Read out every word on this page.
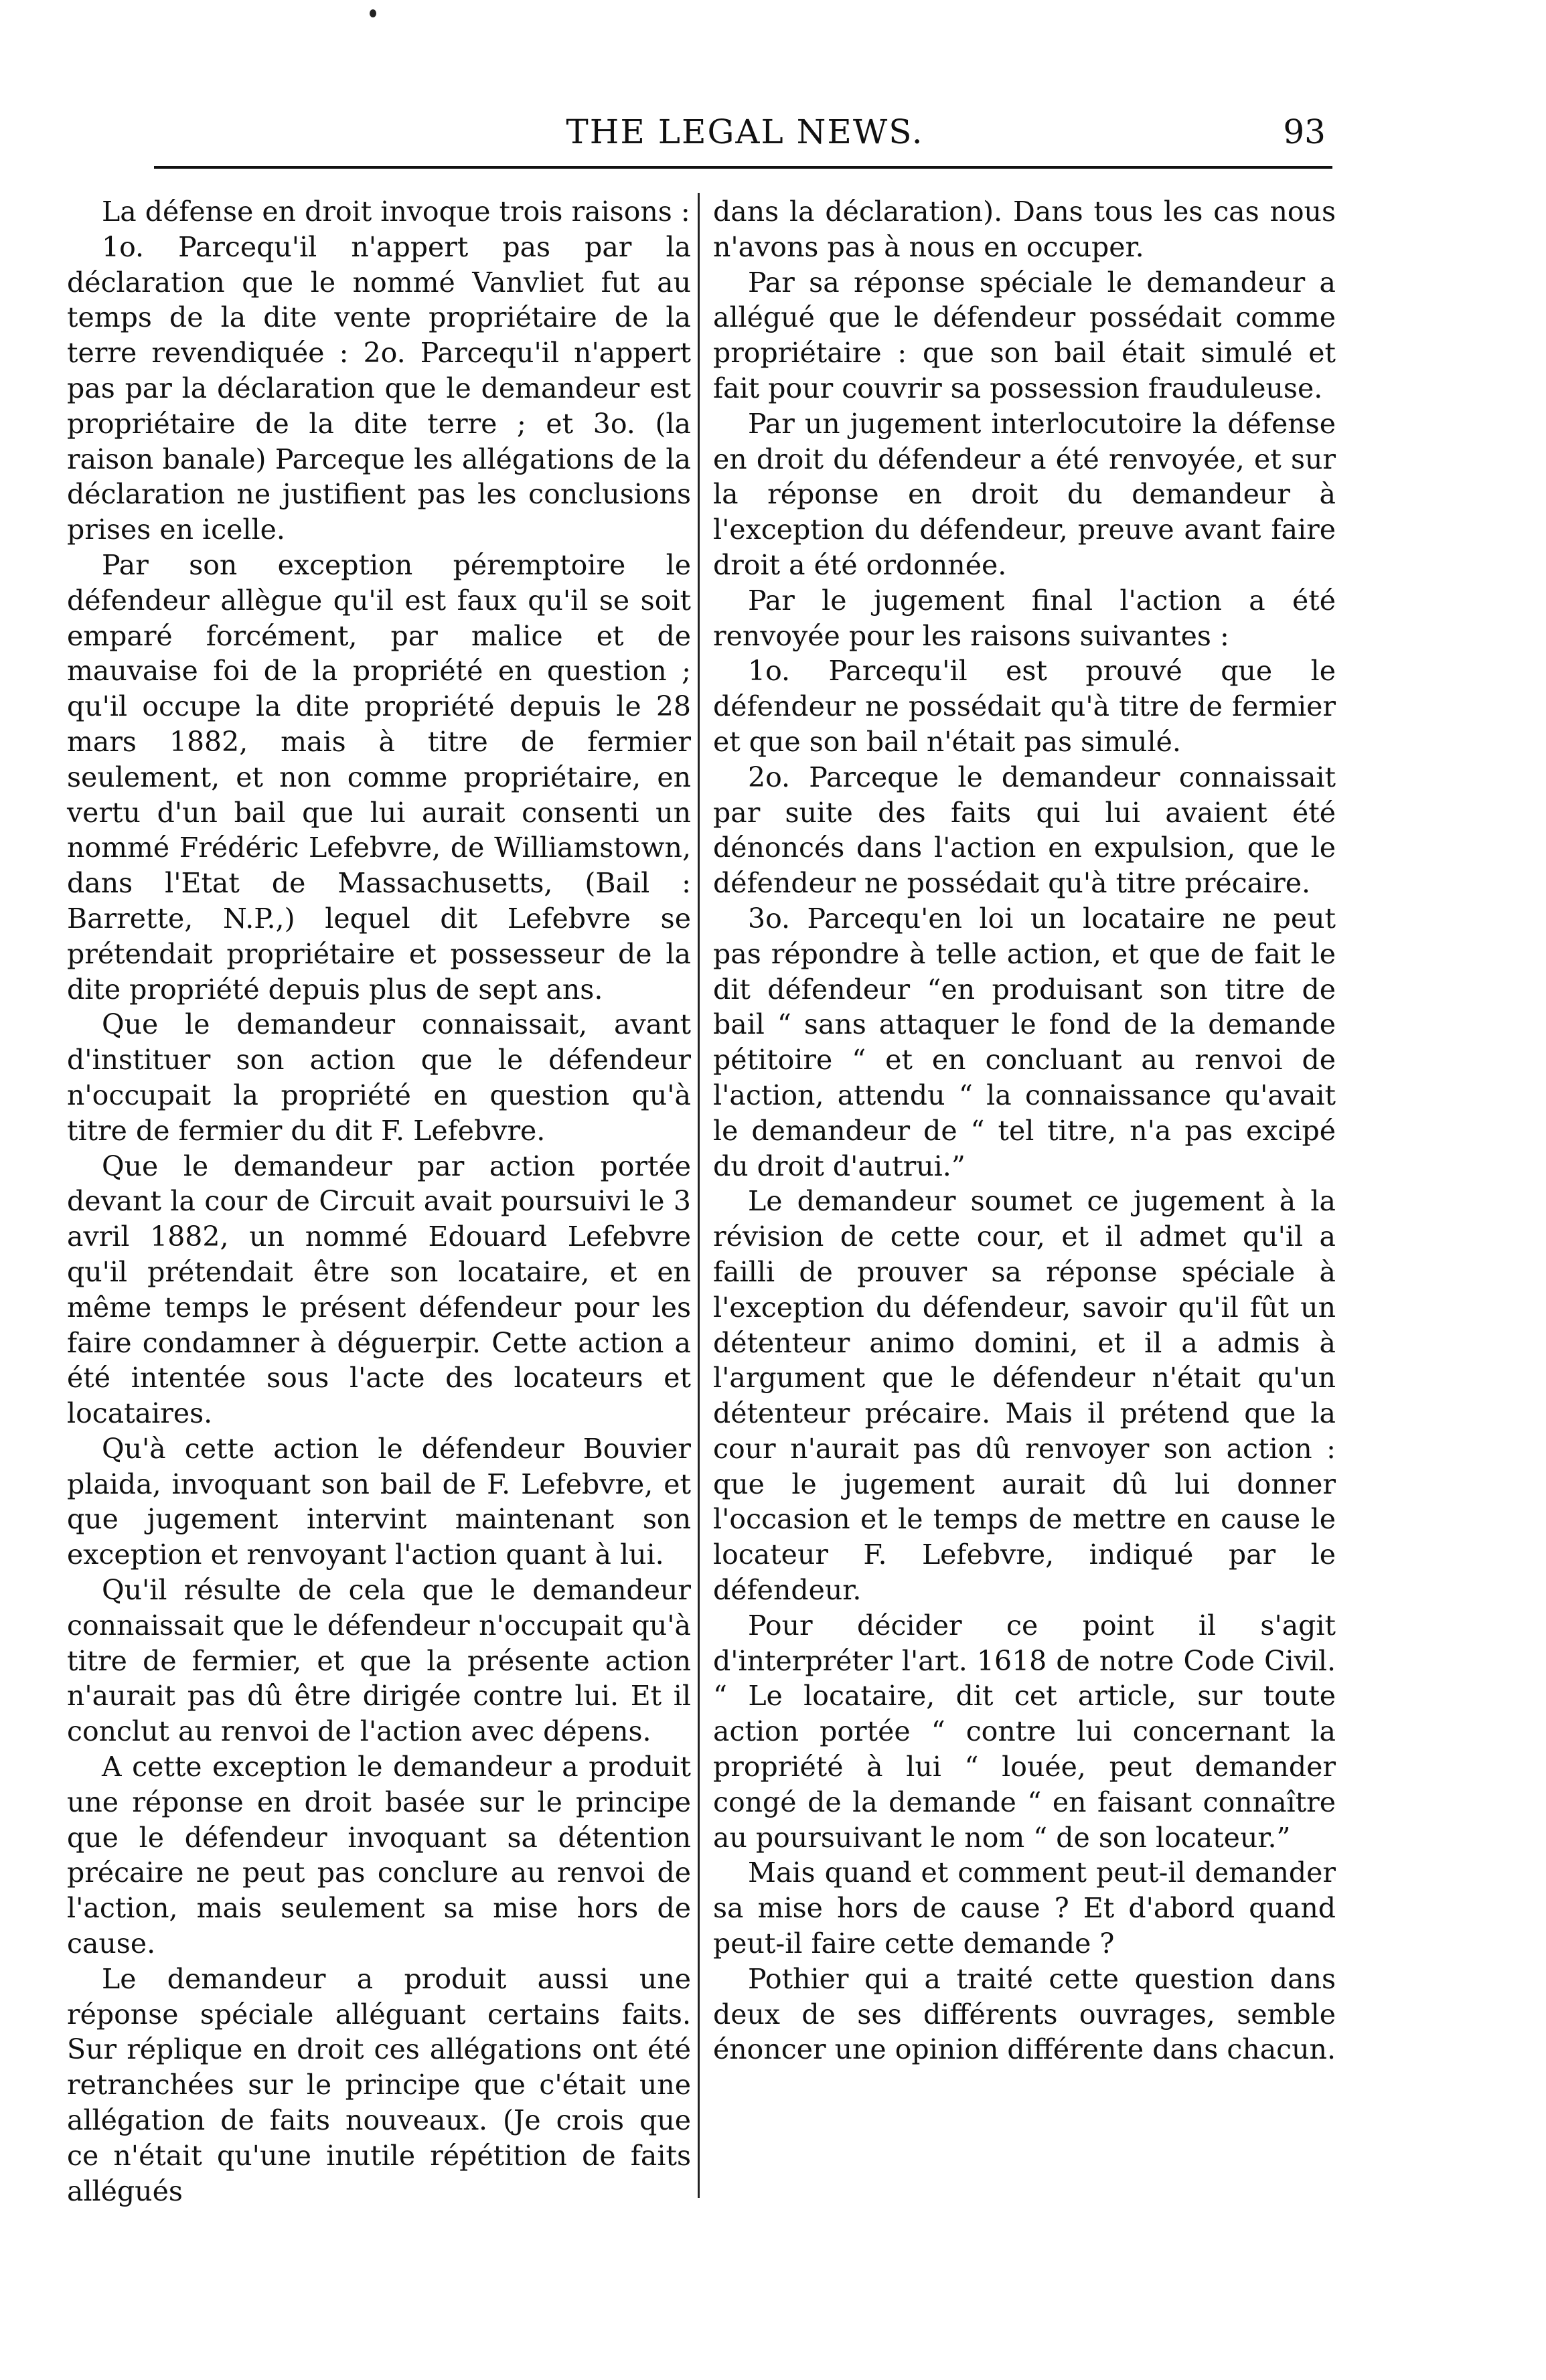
THE LEGAL NEWS.	93

La défense en droit invoque trois raisons :

1o. Parcequ'il n'appert pas par la déclaration que le nommé Vanvliet fut au temps de la dite vente propriétaire de la terre revendiquée : 2o. Parcequ'il n'appert pas par la déclaration que le demandeur est propriétaire de la dite terre ; et 3o. (la raison banale) Parceque les allégations de la déclaration ne justifient pas les conclusions prises en icelle.

Par son exception péremptoire le défendeur allègue qu'il est faux qu'il se soit emparé forcément, par malice et de mauvaise foi de la propriété en question ; qu'il occupe la dite propriété depuis le 28 mars 1882, mais à titre de fermier seulement, et non comme propriétaire, en vertu d'un bail que lui aurait consenti un nommé Frédéric Lefebvre, de Williamstown, dans l'Etat de Massachusetts, (Bail : Barrette, N.P.,) lequel dit Lefebvre se prétendait propriétaire et possesseur de la dite propriété depuis plus de sept ans.

Que le demandeur connaissait, avant d'instituer son action que le défendeur n'occupait la propriété en question qu'à titre de fermier du dit F. Lefebvre.

Que le demandeur par action portée devant la cour de Circuit avait poursuivi le 3 avril 1882, un nommé Edouard Lefebvre qu'il prétendait être son locataire, et en même temps le présent défendeur pour les faire condamner à déguerpir. Cette action a été intentée sous l'acte des locateurs et locataires.

Qu'à cette action le défendeur Bouvier plaida, invoquant son bail de F. Lefebvre, et que jugement intervint maintenant son exception et renvoyant l'action quant à lui.

Qu'il résulte de cela que le demandeur connaissait que le défendeur n'occupait qu'à titre de fermier, et que la présente action n'aurait pas dû être dirigée contre lui. Et il conclut au renvoi de l'action avec dépens.

A cette exception le demandeur a produit une réponse en droit basée sur le principe que le défendeur invoquant sa détention précaire ne peut pas conclure au renvoi de l'action, mais seulement sa mise hors de cause.

Le demandeur a produit aussi une réponse spéciale alléguant certains faits. Sur réplique en droit ces allégations ont été retranchées sur le principe que c'était une allégation de faits nouveaux. (Je crois que ce n'était qu'une inutile répétition de faits allégués

dans la déclaration). Dans tous les cas nous n'avons pas à nous en occuper.

Par sa réponse spéciale le demandeur a allégué que le défendeur possédait comme propriétaire : que son bail était simulé et fait pour couvrir sa possession frauduleuse.

Par un jugement interlocutoire la défense en droit du défendeur a été renvoyée, et sur la réponse en droit du demandeur à l'exception du défendeur, preuve avant faire droit a été ordonnée.

Par le jugement final l'action a été renvoyée pour les raisons suivantes :

1o. Parcequ'il est prouvé que le défendeur ne possédait qu'à titre de fermier et que son bail n'était pas simulé.

2o. Parceque le demandeur connaissait par suite des faits qui lui avaient été dénoncés dans l'action en expulsion, que le défendeur ne possédait qu'à titre précaire.

3o. Parcequ'en loi un locataire ne peut pas répondre à telle action, et que de fait le dit défendeur “en produisant son titre de bail “ sans attaquer le fond de la demande pétitoire “ et en concluant au renvoi de l'action, attendu “ la connaissance qu'avait le demandeur de “ tel titre, n'a pas excipé du droit d'autrui.”

Le demandeur soumet ce jugement à la révision de cette cour, et il admet qu'il a failli de prouver sa réponse spéciale à l'exception du défendeur, savoir qu'il fût un détenteur animo domini, et il a admis à l'argument que le défendeur n'était qu'un détenteur précaire. Mais il prétend que la cour n'aurait pas dû renvoyer son action : que le jugement aurait dû lui donner l'occasion et le temps de mettre en cause le locateur F. Lefebvre, indiqué par le défendeur.

Pour décider ce point il s'agit d'interpréter l'art. 1618 de notre Code Civil. “ Le locataire, dit cet article, sur toute action portée “ contre lui concernant la propriété à lui “ louée, peut demander congé de la demande “ en faisant connaître au poursuivant le nom “ de son locateur.”

Mais quand et comment peut-il demander sa mise hors de cause ? Et d'abord quand peut-il faire cette demande ?

Pothier qui a traité cette question dans deux de ses différents ouvrages, semble énoncer une opinion différente dans chacun.
